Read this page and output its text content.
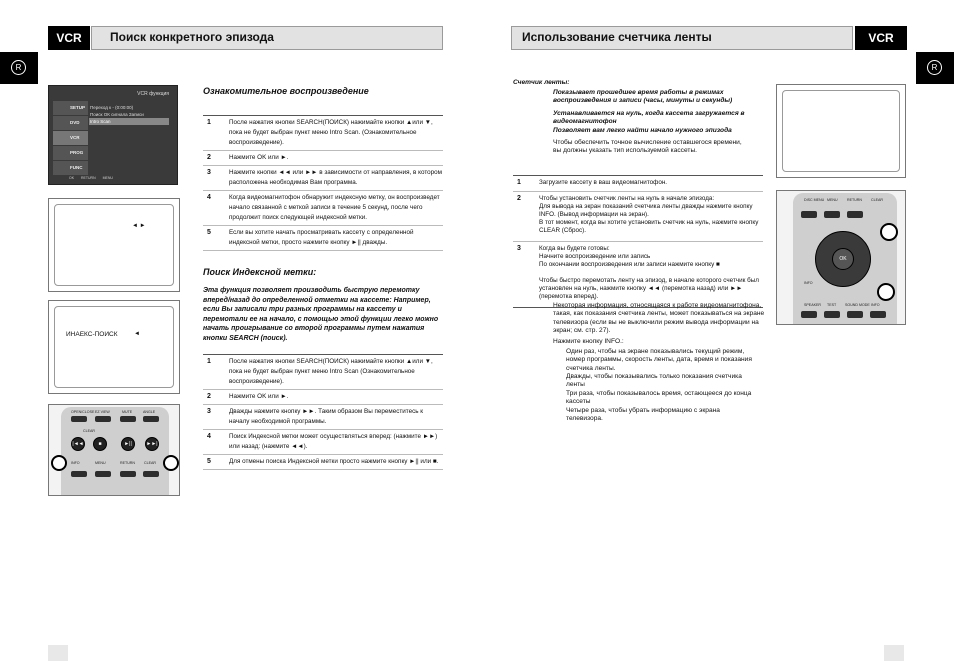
VCR	Поиск конкретного эпизода
R
VCR функция
SETUP
DVD
VCR
PROG
FUNC
Переход к - (0:00:00)
Поиск ОК сигнала Записи
Intro Scan
OK RETURN MENU
Ознакомительное воспроизведение
1	После нажатия кнопки SEARCH(ПОИСК) нажимайте кнопки ▲или ▼, пока не будет выбран пункт меню Intro Scan. (Ознакомительное воспроизведение).
2	Нажмите OK или ►.
3	Нажмите кнопки ◄◄ или ►► в зависимости от направления, в котором расположена необходимая Вам программа.
4	Когда видеомагнитофон обнаружит индексную метку, он воспроизведет начало связанной с меткой записи в течение 5 секунд, после чего продолжит поиск следующей индексной метки.
5	Если вы хотите начать просматривать кассету с определенной индексной метки, просто нажмите кнопку ►|| дважды.
◄ ►
Поиск Индексной метки:
Эта функция позволяет производить быструю перемотку вперед/назад до определенной отметки на кассете: Например, если Вы записали три разных программы на кассету и перемотали ее на начало, с помощью этой функции легко можно начать проигрывание со второй программы путем нажатия кнопки SEARCH (поиск).
ИНАЕКС-ПОИСК	◄
1	После нажатия кнопки SEARCH(ПОИСК) нажимайте кнопки ▲или ▼, пока не будет выбран пункт меню Intro Scan (Ознакомительное воспроизведение).
2	Нажмите OK или ►.
3	Дважды нажмите кнопку ►►. Таким образом Вы переместитесь к началу необходимой программы.
4	Поиск Индексной метки может осуществляться вперед: (нажмите ►►) или назад: (нажмите ◄◄).
5	Для отмены поиска Индексной метки просто нажмите кнопку ►|| или ■.
OPEN/CLOSE EZ VIEW	MUTE	ANGLE
CLEAR
|◄◄	■	►||	►►|
INFO	MENU	RETURN	CLEAR
Использование счетчика ленты	VCR
R
Счетчик ленты:
Показывает прошедшее время работы в режимах воспроизведения и записи (часы, минуты и секунды)
Устанавливается на нуль, когда кассета загружается в видеомагнитофон
Позволяет вам легко найти начало нужного эпизода
Чтобы обеспечить точное вычисление оставшегося времени, вы должны указать тип используемой кассеты.
1	Загрузите кассету в ваш видеомагнитофон.
2	Чтобы установить счетчик ленты на нуль в начале эпизода:
Для вывода на экран показаний счетчика ленты дважды нажмите кнопку INFO. (Вывод информации на экран).
В тот момент, когда вы хотите установить счетчик на нуль, нажмите кнопку CLEAR (Сброс).
3	Когда вы будете готовы:
Начните воспроизведение или запись
По окончании воспроизведения или записи нажмите кнопку ■

Чтобы быстро перемотать ленту на эпизод, в начале которого счетчик был установлен на нуль, нажмите кнопку ◄◄ (перемотка назад) или ►► (перемотка вперед).
Некоторая информация, относящаяся к работе видеомагнитофона, такая, как показания счетчика ленты, может показываться на экране телевизора (если вы не выключили режим вывода информации на экран; см. стр. 27).
Нажмите кнопку INFO.:
Один раз, чтобы на экране показывались текущий режим, номер программы, скорость ленты, дата, время и показания счетчика ленты.
Дважды, чтобы показывались только показания счетчика ленты
Три раза, чтобы показывалось время, остающееся до конца кассеты
Четыре раза, чтобы убрать информацию с экрана телевизора.
DISC MENU MENU	RETURN	CLEAR
OK
INFO
SPEAKER TEST SOUND MODE INFO
